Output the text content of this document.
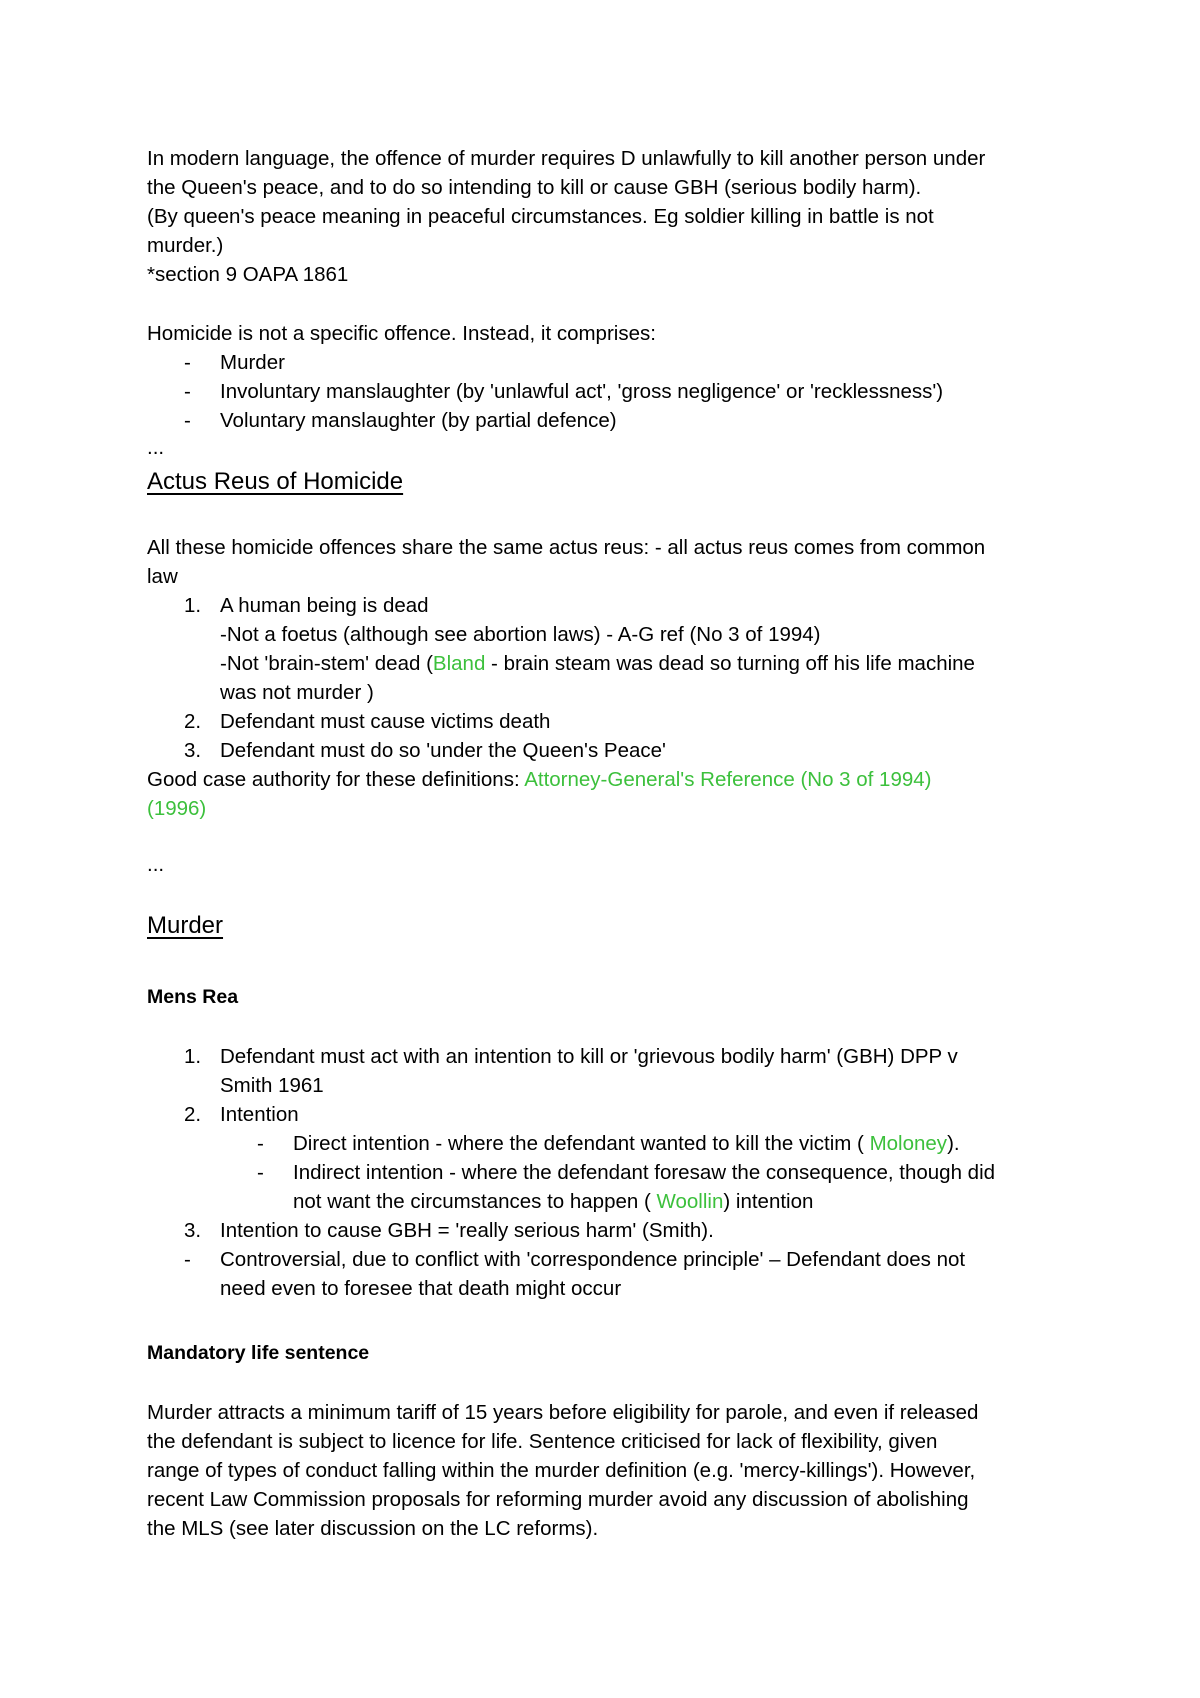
In modern language, the offence of murder requires D unlawfully to kill another person under
the Queen's peace, and to do so intending to kill or cause GBH (serious bodily harm).
(By queen's peace meaning in peaceful circumstances. Eg soldier killing in battle is not
murder.)
*section 9 OAPA 1861
Homicide is not a specific offence. Instead, it comprises:
- Murder
- Involuntary manslaughter (by 'unlawful act', 'gross negligence' or 'recklessness')
- Voluntary manslaughter (by partial defence)
...
Actus Reus of Homicide
All these homicide offences share the same actus reus: - all actus reus comes from common
law
1. A human being is dead
-Not a foetus (although see abortion laws) - A-G ref (No 3 of 1994)
-Not 'brain-stem' dead (Bland - brain steam was dead so turning off his life machine
was not murder )
2. Defendant must cause victims death
3. Defendant must do so 'under the Queen's Peace'
Good case authority for these definitions: Attorney-General's Reference (No 3 of 1994)
(1996)
...
Murder
Mens Rea
1. Defendant must act with an intention to kill or 'grievous bodily harm' (GBH) DPP v
Smith 1961
2. Intention
- Direct intention - where the defendant wanted to kill the victim ( Moloney).
- Indirect intention - where the defendant foresaw the consequence, though did
not want the circumstances to happen ( Woollin) intention
3. Intention to cause GBH = 'really serious harm' (Smith).
- Controversial, due to conflict with 'correspondence principle' – Defendant does not
need even to foresee that death might occur
Mandatory life sentence
Murder attracts a minimum tariff of 15 years before eligibility for parole, and even if released
the defendant is subject to licence for life. Sentence criticised for lack of flexibility, given
range of types of conduct falling within the murder definition (e.g. 'mercy-killings'). However,
recent Law Commission proposals for reforming murder avoid any discussion of abolishing
the MLS (see later discussion on the LC reforms).
